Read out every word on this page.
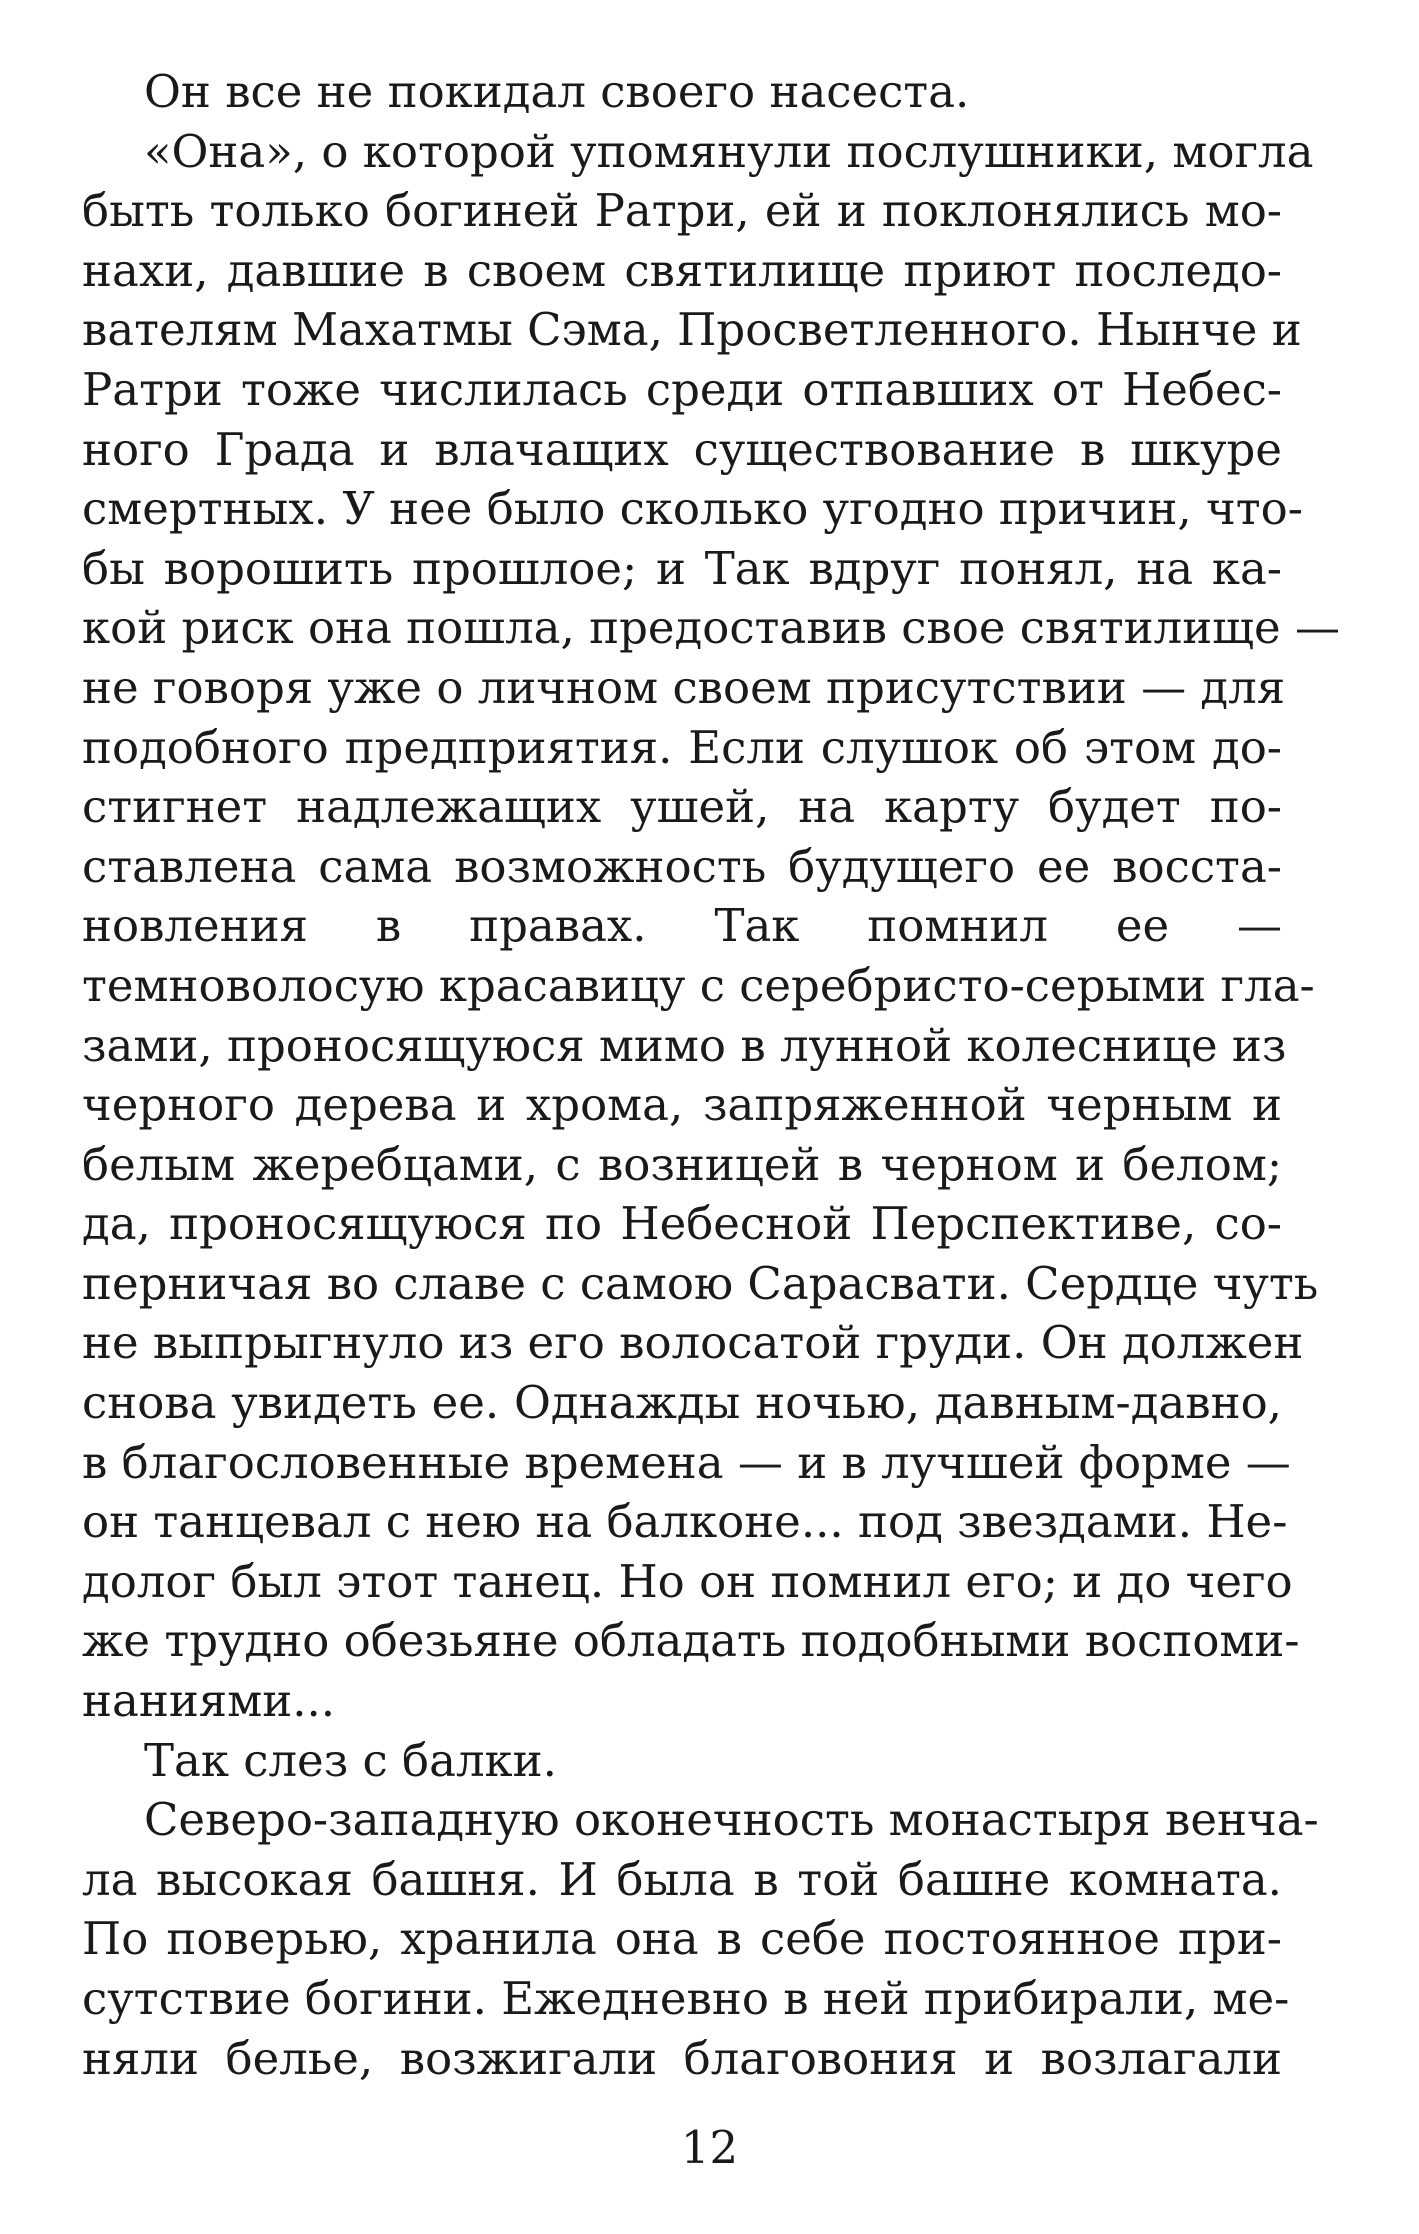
Он все не покидал своего насеста.
«Она», о которой упомянули послушники, могла
быть только богиней Ратри, ей и поклонялись мо-
нахи, давшие в своем святилище приют последо-
вателям Махатмы Сэма, Просветленного. Нынче и
Ратри тоже числилась среди отпавших от Небес-
ного Града и влачащих существование в шкуре
смертных. У нее было сколько угодно причин, что-
бы ворошить прошлое; и Так вдруг понял, на ка-
кой риск она пошла, предоставив свое святилище —
не говоря уже о личном своем присутствии — для
подобного предприятия. Если слушок об этом до-
стигнет надлежащих ушей, на карту будет по-
ставлена сама возможность будущего ее восста-
новления в правах. Так помнил ее —
темноволосую красавицу с серебристо-серыми гла-
зами, проносящуюся мимо в лунной колеснице из
черного дерева и хрома, запряженной черным и
белым жеребцами, с возницей в черном и белом;
да, проносящуюся по Небесной Перспективе, со-
перничая во славе с самою Сарасвати. Сердце чуть
не выпрыгнуло из его волосатой груди. Он должен
снова увидеть ее. Однажды ночью, давным-давно,
в благословенные времена — и в лучшей форме —
он танцевал с нею на балконе... под звездами. Не-
долог был этот танец. Но он помнил его; и до чего
же трудно обезьяне обладать подобными воспоми-
наниями...
Так слез с балки.
Северо-западную оконечность монастыря венча-
ла высокая башня. И была в той башне комната.
По поверью, хранила она в себе постоянное при-
сутствие богини. Ежедневно в ней прибирали, ме-
няли белье, возжигали благовония и возлагали
12
